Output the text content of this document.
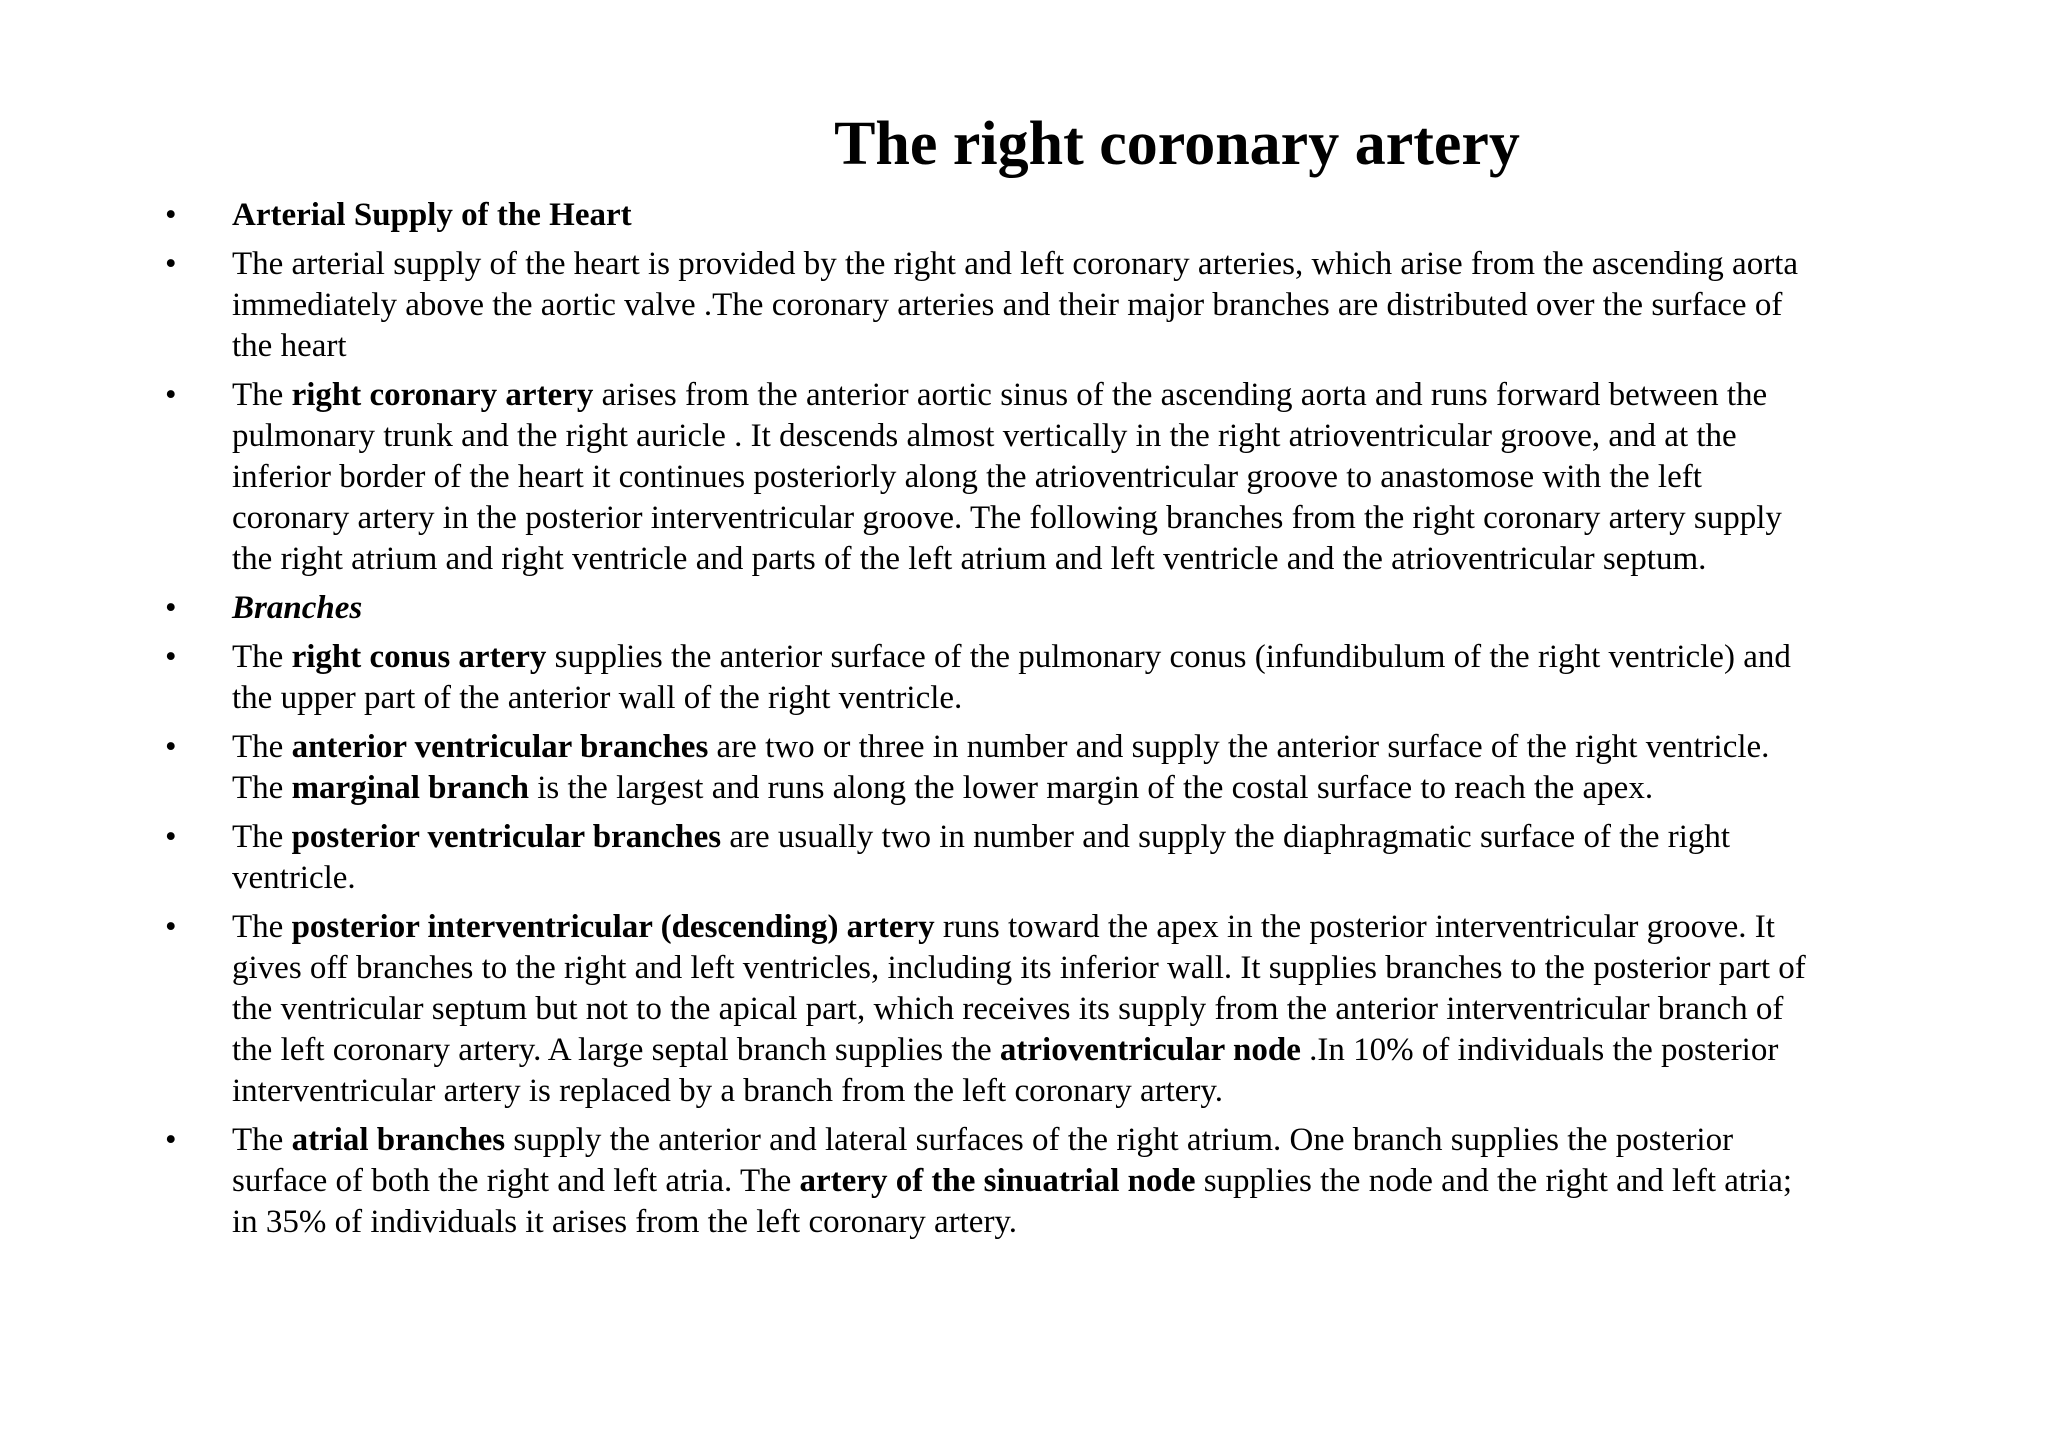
The right coronary artery
• Arterial Supply of the Heart
• The arterial supply of the heart is provided by the right and left coronary arteries, which arise from the ascending aorta immediately above the aortic valve .The coronary arteries and their major branches are distributed over the surface of the heart
• The right coronary artery arises from the anterior aortic sinus of the ascending aorta and runs forward between the pulmonary trunk and the right auricle . It descends almost vertically in the right atrioventricular groove, and at the inferior border of the heart it continues posteriorly along the atrioventricular groove to anastomose with the left coronary artery in the posterior interventricular groove. The following branches from the right coronary artery supply the right atrium and right ventricle and parts of the left atrium and left ventricle and the atrioventricular septum.
• Branches
• The right conus artery supplies the anterior surface of the pulmonary conus (infundibulum of the right ventricle) and the upper part of the anterior wall of the right ventricle.
• The anterior ventricular branches are two or three in number and supply the anterior surface of the right ventricle. The marginal branch is the largest and runs along the lower margin of the costal surface to reach the apex.
• The posterior ventricular branches are usually two in number and supply the diaphragmatic surface of the right ventricle.
• The posterior interventricular (descending) artery runs toward the apex in the posterior interventricular groove. It gives off branches to the right and left ventricles, including its inferior wall. It supplies branches to the posterior part of the ventricular septum but not to the apical part, which receives its supply from the anterior interventricular branch of the left coronary artery. A large septal branch supplies the atrioventricular node .In 10% of individuals the posterior interventricular artery is replaced by a branch from the left coronary artery.
• The atrial branches supply the anterior and lateral surfaces of the right atrium. One branch supplies the posterior surface of both the right and left atria. The artery of the sinuatrial node supplies the node and the right and left atria; in 35% of individuals it arises from the left coronary artery.
